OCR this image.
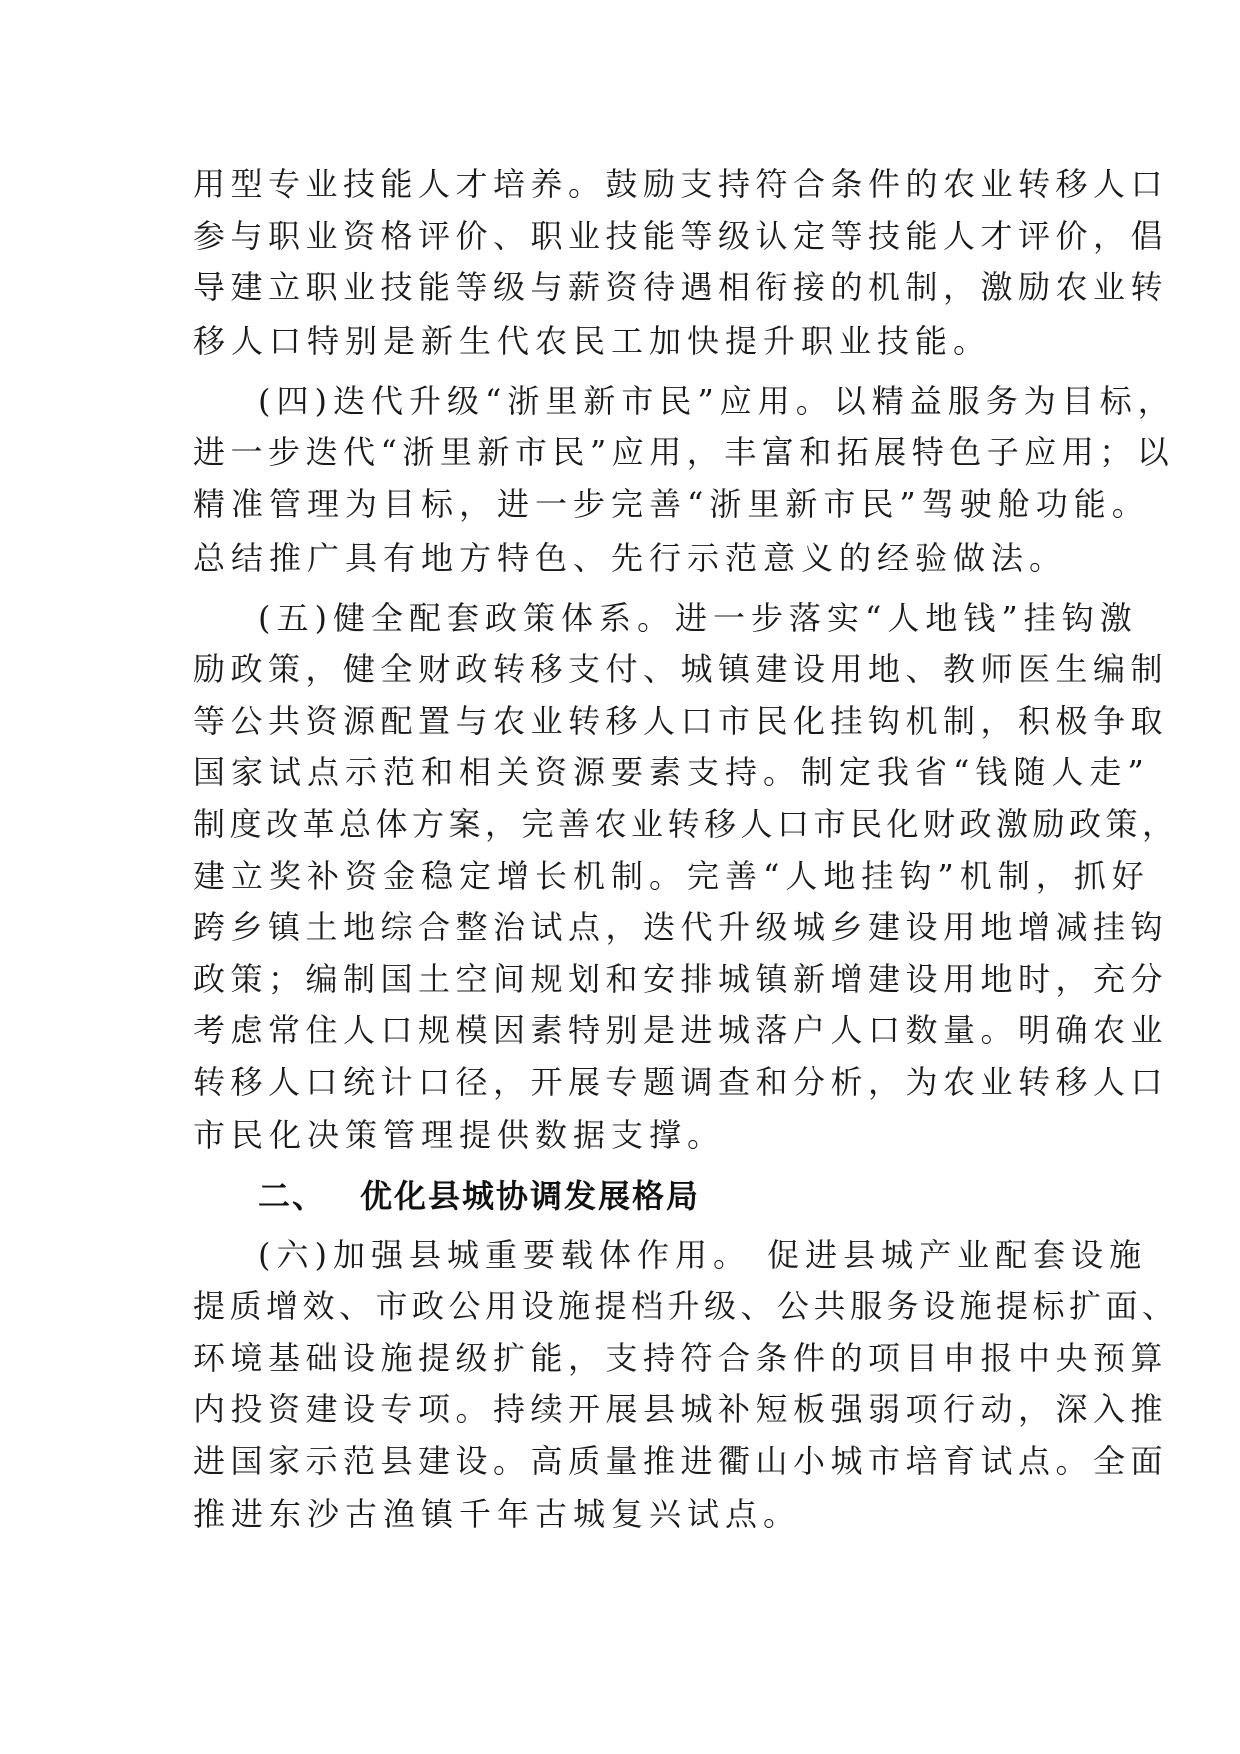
用型专业技能人才培养。鼓励支持符合条件的农业转移人口
参与职业资格评价、职业技能等级认定等技能人才评价，倡
导建立职业技能等级与薪资待遇相衔接的机制，激励农业转
移人口特别是新生代农民工加快提升职业技能。
(四)迭代升级“浙里新市民”应用。以精益服务为目标，
进一步迭代“浙里新市民”应用，丰富和拓展特色子应用；以
精准管理为目标，进一步完善“浙里新市民”驾驶舱功能。
总结推广具有地方特色、先行示范意义的经验做法。
(五)健全配套政策体系。进一步落实“人地钱”挂钩激
励政策，健全财政转移支付、城镇建设用地、教师医生编制
等公共资源配置与农业转移人口市民化挂钩机制，积极争取
国家试点示范和相关资源要素支持。制定我省“钱随人走”
制度改革总体方案，完善农业转移人口市民化财政激励政策，
建立奖补资金稳定增长机制。完善“人地挂钩”机制，抓好
跨乡镇土地综合整治试点，迭代升级城乡建设用地增减挂钩
政策；编制国土空间规划和安排城镇新增建设用地时，充分
考虑常住人口规模因素特别是进城落户人口数量。明确农业
转移人口统计口径，开展专题调查和分析，为农业转移人口
市民化决策管理提供数据支撑。
二、 优化县城协调发展格局
(六)加强县城重要载体作用。 促进县城产业配套设施
提质增效、市政公用设施提档升级、公共服务设施提标扩面、
环境基础设施提级扩能，支持符合条件的项目申报中央预算
内投资建设专项。持续开展县城补短板强弱项行动，深入推
进国家示范县建设。高质量推进衢山小城市培育试点。全面
推进东沙古渔镇千年古城复兴试点。
